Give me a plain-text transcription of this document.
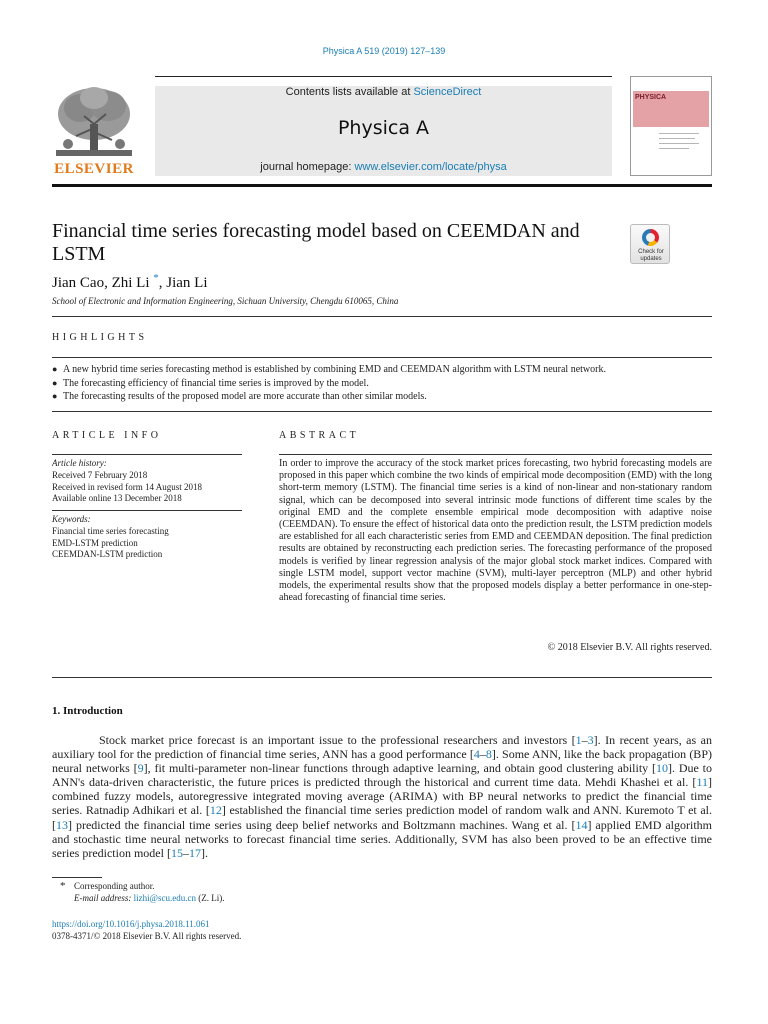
Physica A 519 (2019) 127–139
ELSEVIER
Contents lists available at ScienceDirect
Physica A
journal homepage: www.elsevier.com/locate/physa
PHYSICA
Financial time series forecasting model based on CEEMDAN and LSTM	Check for
updates
Jian Cao, Zhi Li *, Jian Li
School of Electronic and Information Engineering, Sichuan University, Chengdu 610065, China
HIGHLIGHTS
● A new hybrid time series forecasting method is established by combining EMD and CEEMDAN algorithm with LSTM neural network.
● The forecasting efficiency of financial time series is improved by the model.
● The forecasting results of the proposed model are more accurate than other similar models.
ARTICLE INFO
Article history:
Received 7 February 2018
Received in revised form 14 August 2018
Available online 13 December 2018
Keywords:
Financial time series forecasting
EMD-LSTM prediction
CEEMDAN-LSTM prediction
ABSTRACT
In order to improve the accuracy of the stock market prices forecasting, two hybrid forecasting models are proposed in this paper which combine the two kinds of empirical mode decomposition (EMD) with the long short-term memory (LSTM). The financial time series is a kind of non-linear and non-stationary random signal, which can be decomposed into several intrinsic mode functions of different time scales by the original EMD and the complete ensemble empirical mode decomposition with adaptive noise (CEEMDAN). To ensure the effect of historical data onto the prediction result, the LSTM prediction models are established for all each characteristic series from EMD and CEEMDAN deposition. The final prediction results are obtained by reconstructing each prediction series. The forecasting performance of the proposed models is verified by linear regression analysis of the major global stock market indices. Compared with single LSTM model, support vector machine (SVM), multi-layer perceptron (MLP) and other hybrid models, the experimental results show that the proposed models display a better performance in one-step-ahead forecasting of financial time series.
© 2018 Elsevier B.V. All rights reserved.
1. Introduction
Stock market price forecast is an important issue to the professional researchers and investors [1–3]. In recent years, as an auxiliary tool for the prediction of financial time series, ANN has a good performance [4–8]. Some ANN, like the back propagation (BP) neural networks [9], fit multi-parameter non-linear functions through adaptive learning, and obtain good clustering ability [10]. Due to ANN's data-driven characteristic, the future prices is predicted through the historical and current time data. Mehdi Khashei et al. [11] combined fuzzy models, autoregressive integrated moving average (ARIMA) with BP neural networks to predict the financial time series. Ratnadip Adhikari et al. [12] established the financial time series prediction model of random walk and ANN. Kuremoto T et al. [13] predicted the financial time series using deep belief networks and Boltzmann machines. Wang et al. [14] applied EMD algorithm and stochastic time neural networks to forecast financial time series. Additionally, SVM has also been proved to be an effective time series prediction model [15–17].
* Corresponding author.
E-mail address: lizhi@scu.edu.cn (Z. Li).
https://doi.org/10.1016/j.physa.2018.11.061
0378-4371/© 2018 Elsevier B.V. All rights reserved.
